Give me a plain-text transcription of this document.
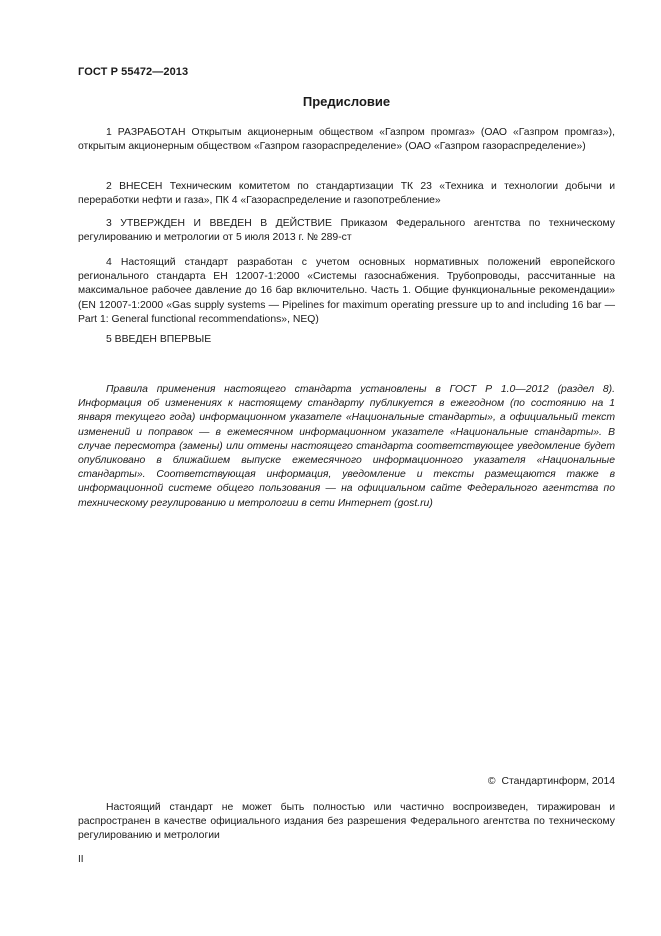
ГОСТ Р 55472—2013
Предисловие

1 РАЗРАБОТАН Открытым акционерным обществом «Газпром промгаз» (ОАО «Газпром промгаз»), открытым акционерным обществом «Газпром газораспределение» (ОАО «Газпром газораспределение»)

2 ВНЕСЕН Техническим комитетом по стандартизации ТК 23 «Техника и технологии добычи и переработки нефти и газа», ПК 4 «Газораспределение и газопотребление»

3 УТВЕРЖДЕН И ВВЕДЕН В ДЕЙСТВИЕ Приказом Федерального агентства по техническому регулированию и метрологии от 5 июля 2013 г. № 289-ст

4 Настоящий стандарт разработан с учетом основных нормативных положений европейского регионального стандарта ЕН 12007-1:2000 «Системы газоснабжения. Трубопроводы, рассчитанные на максимальное рабочее давление до 16 бар включительно. Часть 1. Общие функциональные рекомендации» (EN 12007-1:2000 «Gas supply systems — Pipelines for maximum operating pressure up to and including 16 bar — Part 1: General functional recommendations», NEQ)

5 ВВЕДЕН ВПЕРВЫЕ

Правила применения настоящего стандарта установлены в ГОСТ Р 1.0—2012 (раздел 8). Информация об изменениях к настоящему стандарту публикуется в ежегодном (по состоянию на 1 января текущего года) информационном указателе «Национальные стандарты», а официальный текст изменений и поправок — в ежемесячном информационном указателе «Национальные стандарты». В случае пересмотра (замены) или отмены настоящего стандарта соответствующее уведомление будет опубликовано в ближайшем выпуске ежемесячного информационного указателя «Национальные стандарты». Соответствующая информация, уведомление и тексты размещаются также в информационной системе общего пользования — на официальном сайте Федерального агентства по техническому регулированию и метрологии в сети Интернет (gost.ru)

© Стандартинформ, 2014

Настоящий стандарт не может быть полностью или частично воспроизведен, тиражирован и распространен в качестве официального издания без разрешения Федерального агентства по техническому регулированию и метрологии

II
